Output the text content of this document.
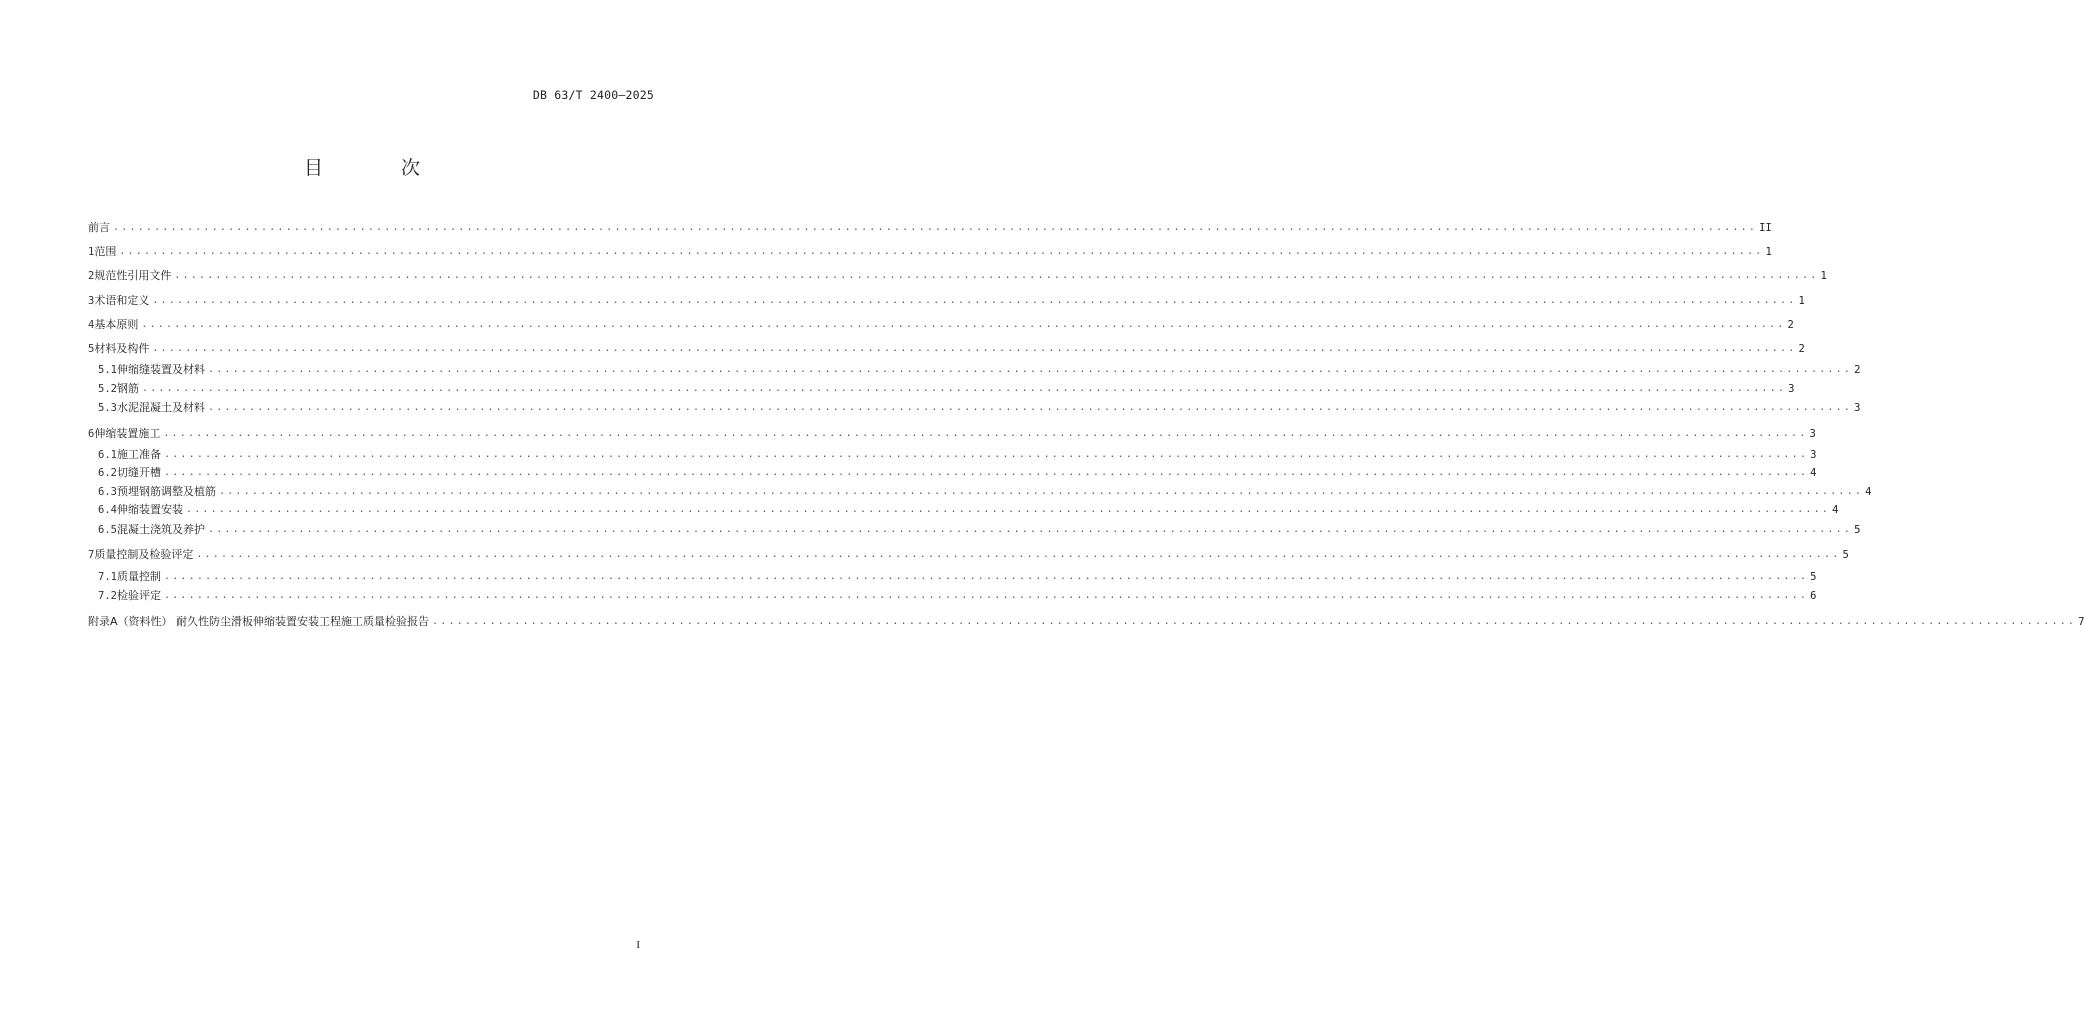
DB 63/T 2400—2025
目 次
前言 ........................................................................................................................................................................................................ II
1 范围 ........................................................................................................................................................................................................ 1
2 规范性引用文件 ........................................................................................................................................................................................................ 1
3 术语和定义 ........................................................................................................................................................................................................ 1
4 基本原则 ........................................................................................................................................................................................................ 2
5 材料及构件 ........................................................................................................................................................................................................ 2
5.1 伸缩缝装置及材料 ........................................................................................................................................................................................................ 2
5.2 钢筋 ........................................................................................................................................................................................................ 3
5.3 水泥混凝土及材料 ........................................................................................................................................................................................................ 3
6 伸缩装置施工 ........................................................................................................................................................................................................ 3
6.1 施工准备 ........................................................................................................................................................................................................ 3
6.2 切缝开槽 ........................................................................................................................................................................................................ 4
6.3 预埋钢筋调整及植筋 ........................................................................................................................................................................................................ 4
6.4 伸缩装置安装 ........................................................................................................................................................................................................ 4
6.5 混凝土浇筑及养护 ........................................................................................................................................................................................................ 5
7 质量控制及检验评定 ........................................................................................................................................................................................................ 5
7.1 质量控制 ........................................................................................................................................................................................................ 5
7.2 检验评定 ........................................................................................................................................................................................................ 6
附录A（资料性） 耐久性防尘滑板伸缩装置安装工程施工质量检验报告 ........................................................................................................................................................................................................ 7
I
